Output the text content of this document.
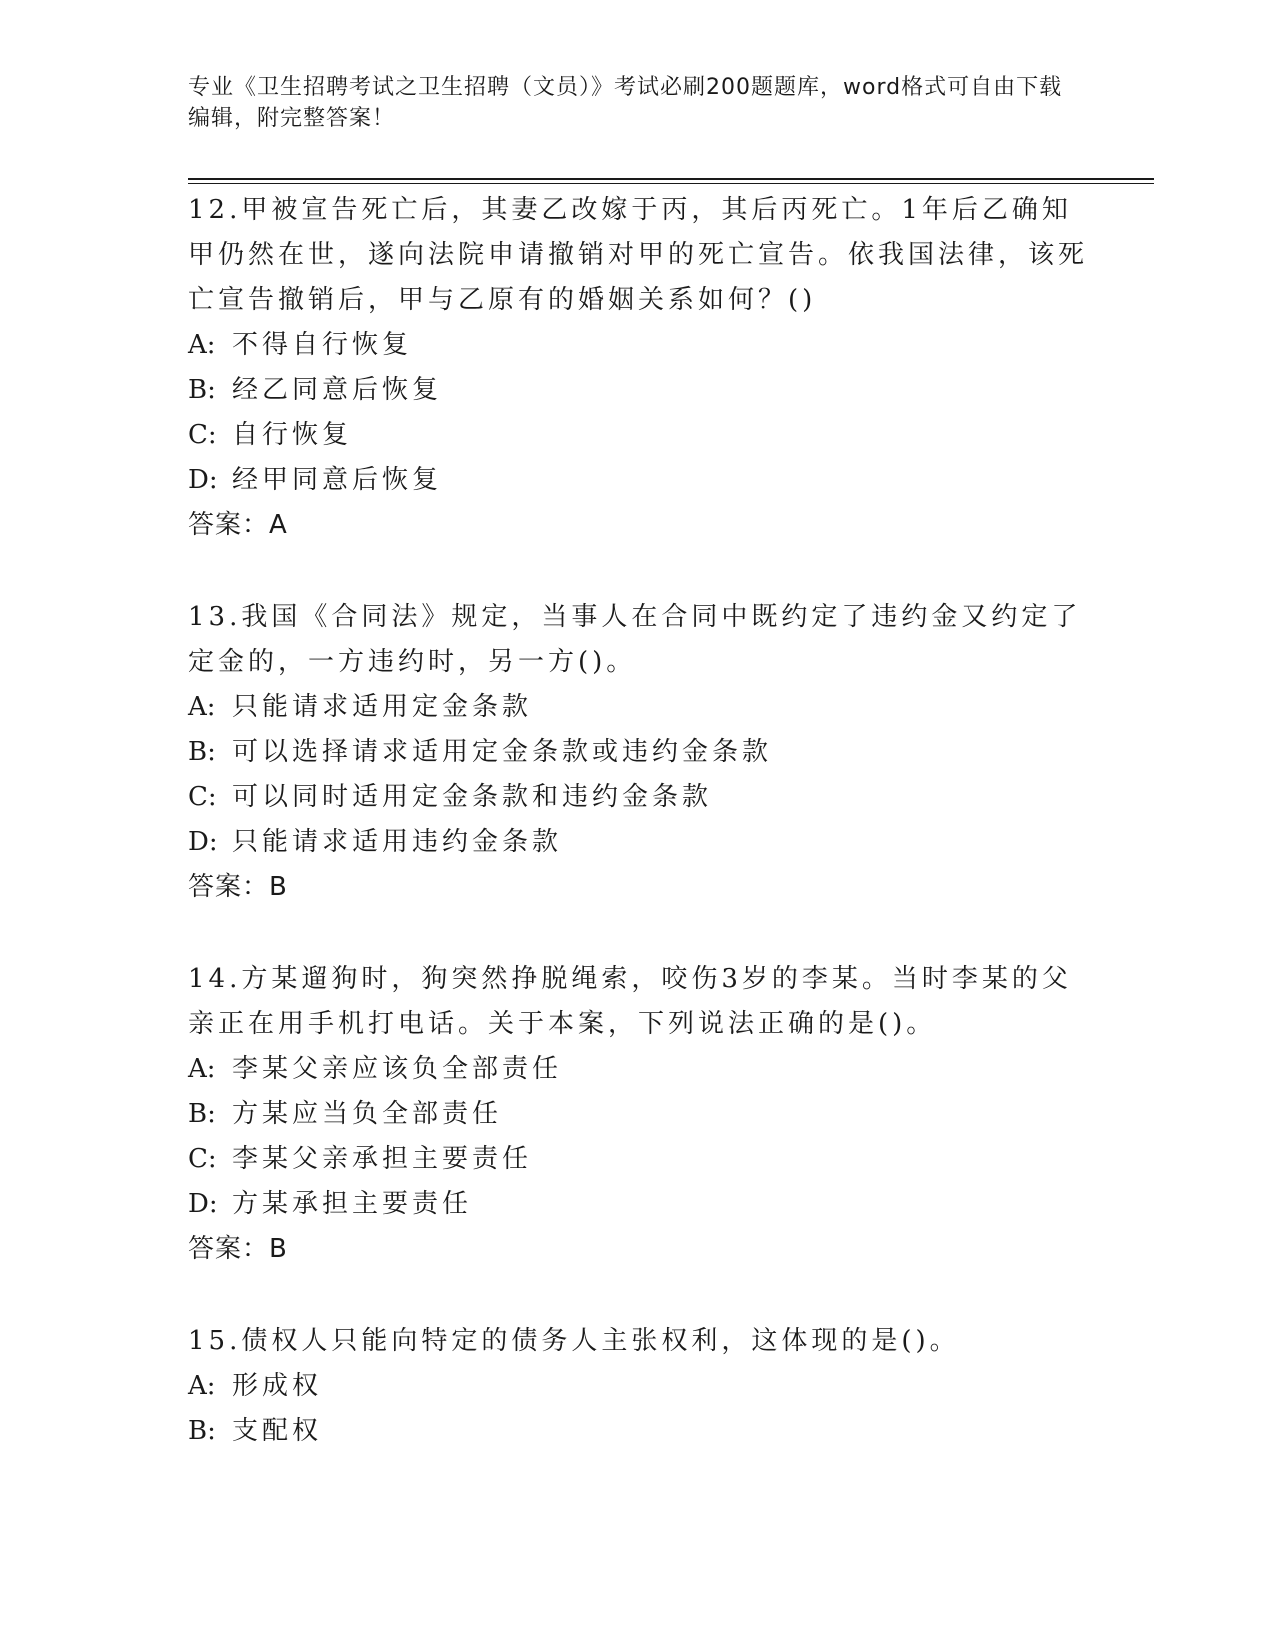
专业《卫生招聘考试之卫生招聘（文员）》考试必刷200题题库，word格式可自由下载编辑，附完整答案！

12.甲被宣告死亡后，其妻乙改嫁于丙，其后丙死亡。1年后乙确知甲仍然在世，遂向法院申请撤销对甲的死亡宣告。依我国法律，该死亡宣告撤销后，甲与乙原有的婚姻关系如何？()

A: 不得自行恢复

B: 经乙同意后恢复

C: 自行恢复

D: 经甲同意后恢复

答案：A

13.我国《合同法》规定，当事人在合同中既约定了违约金又约定了定金的，一方违约时，另一方()。

A: 只能请求适用定金条款

B: 可以选择请求适用定金条款或违约金条款

C: 可以同时适用定金条款和违约金条款

D: 只能请求适用违约金条款

答案：B

14.方某遛狗时，狗突然挣脱绳索，咬伤3岁的李某。当时李某的父亲正在用手机打电话。关于本案，下列说法正确的是()。

A: 李某父亲应该负全部责任

B: 方某应当负全部责任

C: 李某父亲承担主要责任

D: 方某承担主要责任

答案：B

15.债权人只能向特定的债务人主张权利，这体现的是()。

A: 形成权

B: 支配权
